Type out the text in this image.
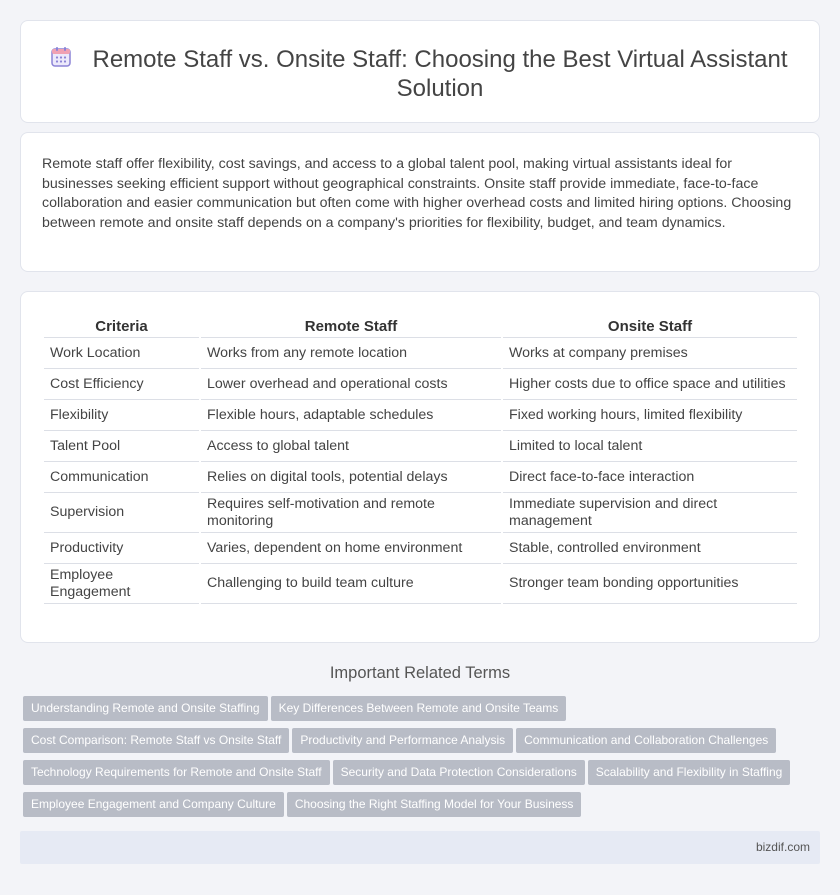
Remote Staff vs. Onsite Staff: Choosing the Best Virtual Assistant Solution

Remote staff offer flexibility, cost savings, and access to a global talent pool, making virtual assistants ideal for businesses seeking efficient support without geographical constraints. Onsite staff provide immediate, face-to-face collaboration and easier communication but often come with higher overhead costs and limited hiring options. Choosing between remote and onsite staff depends on a company's priorities for flexibility, budget, and team dynamics.

Criteria	Remote Staff	Onsite Staff
Work Location	Works from any remote location	Works at company premises
Cost Efficiency	Lower overhead and operational costs	Higher costs due to office space and utilities
Flexibility	Flexible hours, adaptable schedules	Fixed working hours, limited flexibility
Talent Pool	Access to global talent	Limited to local talent
Communication	Relies on digital tools, potential delays	Direct face-to-face interaction
Supervision	Requires self-motivation and remote monitoring	Immediate supervision and direct management
Productivity	Varies, dependent on home environment	Stable, controlled environment
Employee Engagement	Challenging to build team culture	Stronger team bonding opportunities
Important Related Terms
Understanding Remote and Onsite Staffing Key Differences Between Remote and Onsite Teams
Cost Comparison: Remote Staff vs Onsite Staff Productivity and Performance Analysis Communication and Collaboration Challenges
Technology Requirements for Remote and Onsite Staff Security and Data Protection Considerations Scalability and Flexibility in Staffing
Employee Engagement and Company Culture Choosing the Right Staffing Model for Your Business
bizdif.com
